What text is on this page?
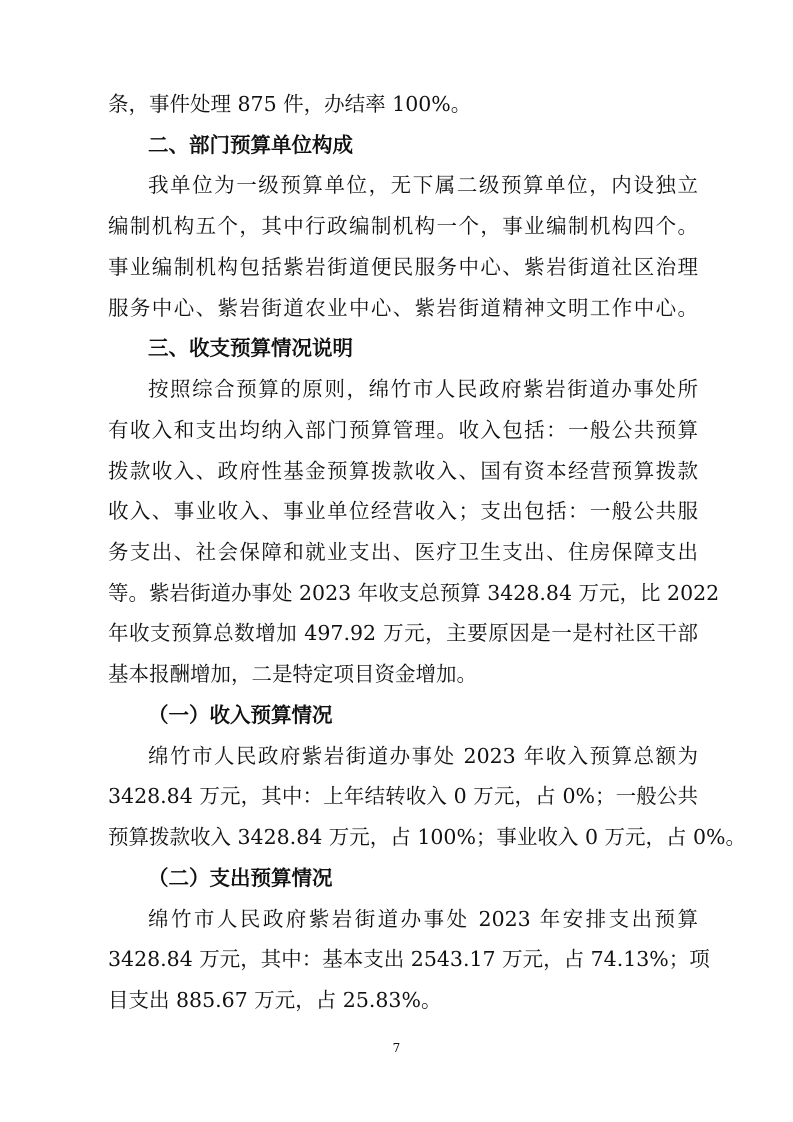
条，事件处理 875 件，办结率 100%。
二、部门预算单位构成
我单位为一级预算单位，无下属二级预算单位，内设独立
编制机构五个，其中行政编制机构一个，事业编制机构四个。
事业编制机构包括紫岩街道便民服务中心、紫岩街道社区治理
服务中心、紫岩街道农业中心、紫岩街道精神文明工作中心。
三、收支预算情况说明
按照综合预算的原则，绵竹市人民政府紫岩街道办事处所
有收入和支出均纳入部门预算管理。收入包括：一般公共预算
拨款收入、政府性基金预算拨款收入、国有资本经营预算拨款
收入、事业收入、事业单位经营收入；支出包括：一般公共服
务支出、社会保障和就业支出、医疗卫生支出、住房保障支出
等。紫岩街道办事处 2023 年收支总预算 3428.84 万元，比 2022
年收支预算总数增加 497.92 万元，主要原因是一是村社区干部
基本报酬增加，二是特定项目资金增加。
（一）收入预算情况
绵竹市人民政府紫岩街道办事处 2023 年收入预算总额为
3428.84 万元，其中：上年结转收入 0 万元，占 0%；一般公共
预算拨款收入 3428.84 万元，占 100%；事业收入 0 万元，占 0%。
（二）支出预算情况
绵竹市人民政府紫岩街道办事处 2023 年安排支出预算
3428.84 万元，其中：基本支出 2543.17 万元，占 74.13%；项
目支出 885.67 万元，占 25.83%。
7
